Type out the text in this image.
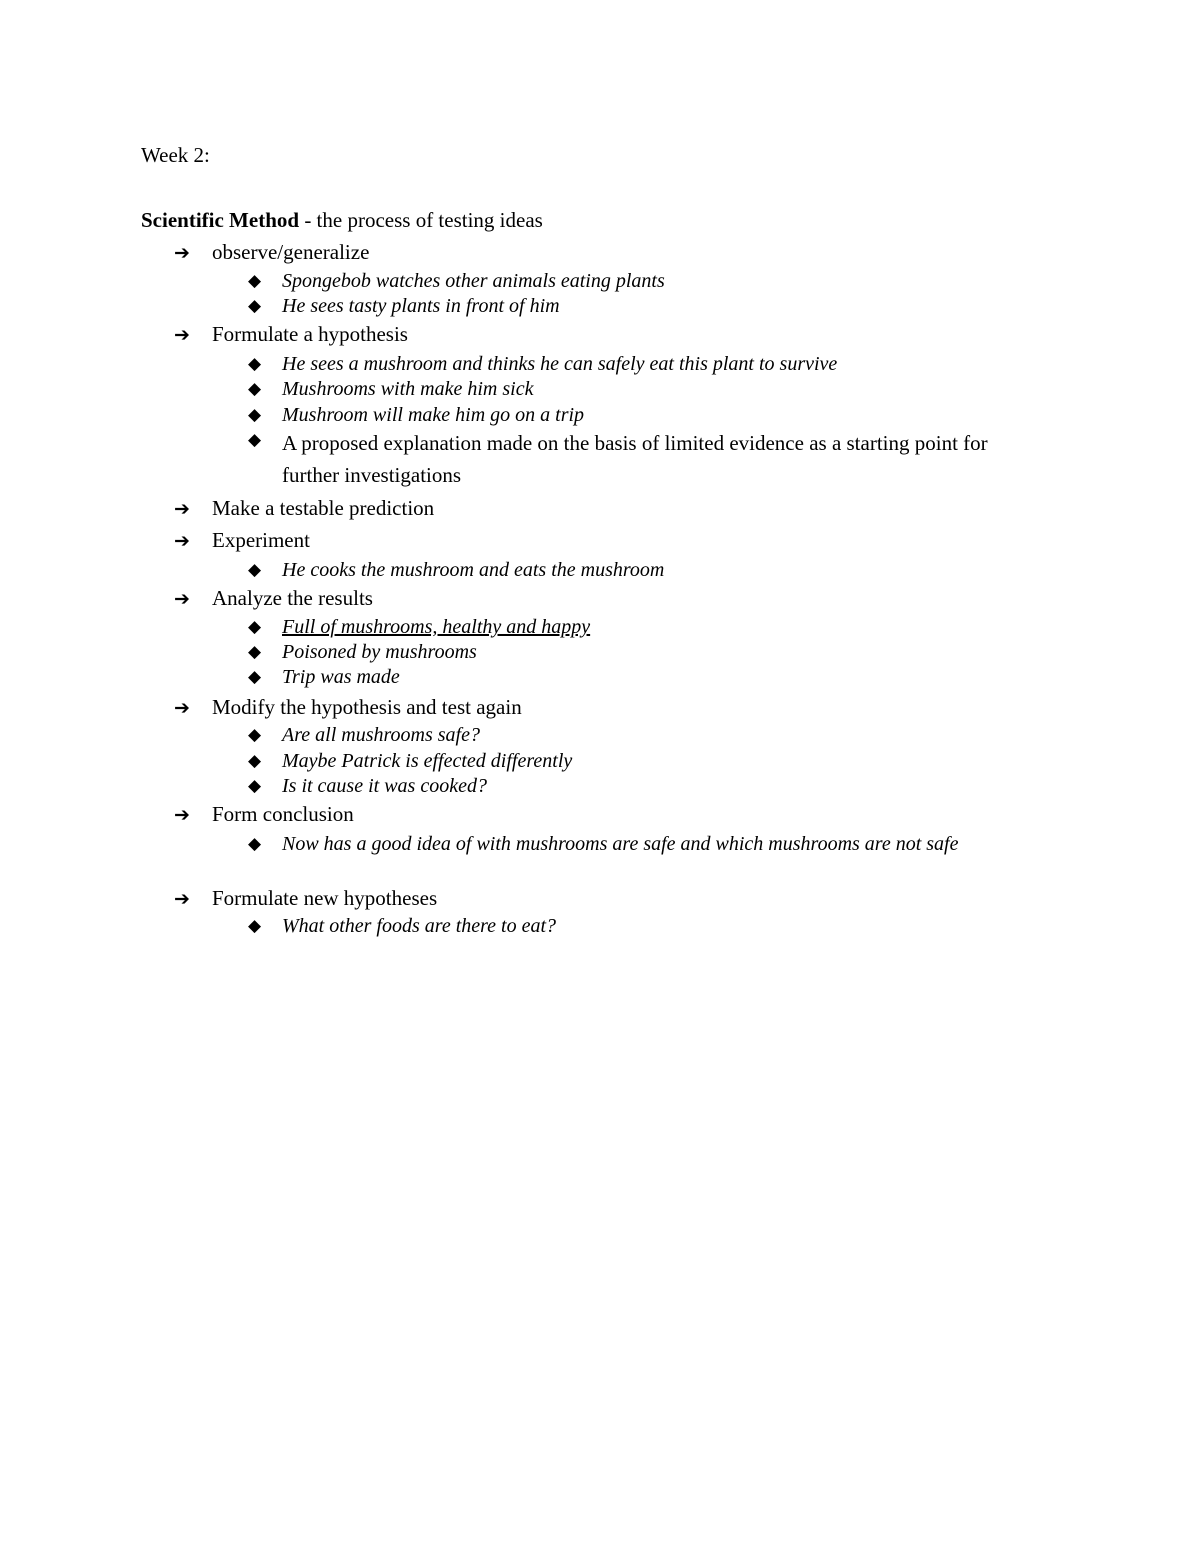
Week 2:
Scientific Method - the process of testing ideas
➔ observe/generalize
◆	Spongebob watches other animals eating plants
◆	He sees tasty plants in front of him
➔ Formulate a hypothesis
◆	He sees a mushroom and thinks he can safely eat this plant to survive
◆	Mushrooms with make him sick
◆	Mushroom will make him go on a trip
◆ A proposed explanation made on the basis of limited evidence as a starting point for further investigations
➔ Make a testable prediction
➔ Experiment
◆	He cooks the mushroom and eats the mushroom
➔ Analyze the results
◆	Full of mushrooms, healthy and happy
◆	Poisoned by mushrooms
◆	Trip was made
➔ Modify the hypothesis and test again
◆	Are all mushrooms safe?
◆	Maybe Patrick is effected differently
◆	Is it cause it was cooked?
➔ Form conclusion
◆	Now has a good idea of with mushrooms are safe and which mushrooms are not safe
➔ Formulate new hypotheses
◆	What other foods are there to eat?
